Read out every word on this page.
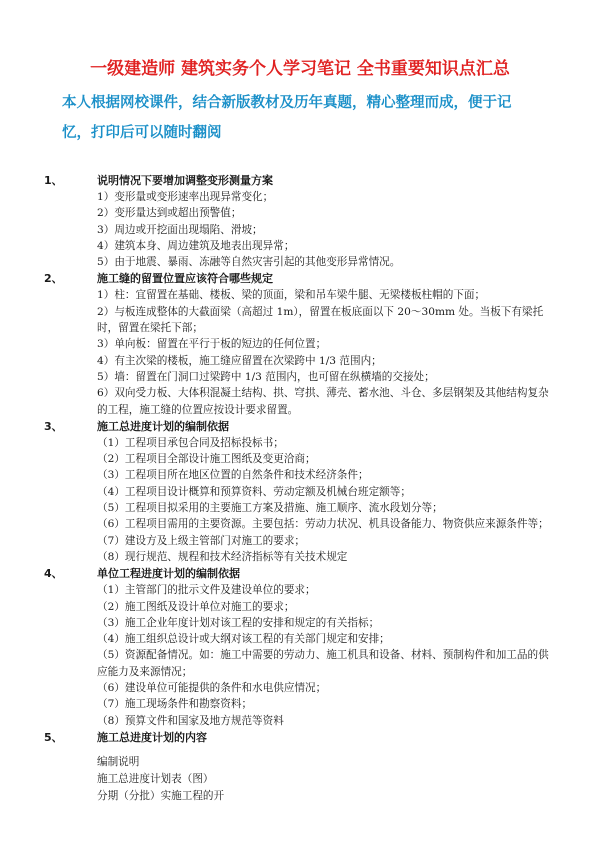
一级建造师 建筑实务个人学习笔记 全书重要知识点汇总

本人根据网校课件，结合新版教材及历年真题，精心整理而成，便于记

忆，打印后可以随时翻阅

1、	说明情况下要增加调整变形测量方案

1）变形量或变形速率出现异常变化；

2）变形量达到或超出预警值；

3）周边或开挖面出现塌陷、滑坡；

4）建筑本身、周边建筑及地表出现异常；

5）由于地震、暴雨、冻融等自然灾害引起的其他变形异常情况。

2、	施工缝的留置位置应该符合哪些规定

1）柱：宜留置在基础、楼板、梁的顶面，梁和吊车梁牛腿、无梁楼板柱帽的下面；

2）与板连成整体的大截面梁（高超过 1m），留置在板底面以下 20～30mm 处。当板下有梁托时，留置在梁托下部；

3）单向板：留置在平行于板的短边的任何位置；

4）有主次梁的楼板，施工缝应留置在次梁跨中 1/3 范围内；

5）墙：留置在门洞口过梁跨中 1/3 范围内，也可留在纵横墙的交接处；

6）双向受力板、大体积混凝土结构、拱、穹拱、薄壳、蓄水池、斗仓、多层钢架及其他结构复杂的工程，施工缝的位置应按设计要求留置。

3、	施工总进度计划的编制依据

（1）工程项目承包合同及招标投标书；

（2）工程项目全部设计施工图纸及变更洽商；

（3）工程项目所在地区位置的自然条件和技术经济条件；

（4）工程项目设计概算和预算资料、劳动定额及机械台班定额等；

（5）工程项目拟采用的主要施工方案及措施、施工顺序、流水段划分等；

（6）工程项目需用的主要资源。主要包括：劳动力状况、机具设备能力、物资供应来源条件等；

（7）建设方及上级主管部门对施工的要求；

（8）现行规范、规程和技术经济指标等有关技术规定

4、	单位工程进度计划的编制依据

（1）主管部门的批示文件及建设单位的要求；

（2）施工图纸及设计单位对施工的要求；

（3）施工企业年度计划对该工程的安排和规定的有关指标；

（4）施工组织总设计或大纲对该工程的有关部门规定和安排；

（5）资源配备情况。如：施工中需要的劳动力、施工机具和设备、材料、预制构件和加工品的供应能力及来源情况；

（6）建设单位可能提供的条件和水电供应情况；

（7）施工现场条件和勘察资料；

（8）预算文件和国家及地方规范等资料

5、	施工总进度计划的内容
编制说明
施工总进度计划表（图）
分期（分批）实施工程的开
